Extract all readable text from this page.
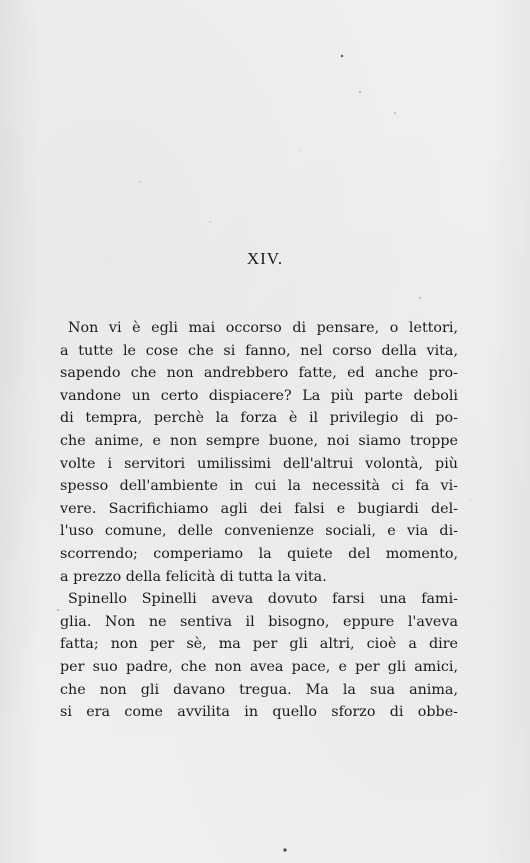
XIV.
Non vi è egli mai occorso di pensare, o lettori,
a tutte le cose che si fanno, nel corso della vita,
sapendo che non andrebbero fatte, ed anche pro-
vandone un certo dispiacere? La più parte deboli
di tempra, perchè la forza è il privilegio di po-
che anime, e non sempre buone, noi siamo troppe
volte i servitori umilissimi dell'altrui volontà, più
spesso dell'ambiente in cui la necessità ci fa vi-
vere. Sacrifichiamo agli dei falsi e bugiardi del-
l'uso comune, delle convenienze sociali, e via di-
scorrendo; comperiamo la quiete del momento,
a prezzo della felicità di tutta la vita.
Spinello Spinelli aveva dovuto farsi una fami-
glia. Non ne sentiva il bisogno, eppure l'aveva
fatta; non per sè, ma per gli altri, cioè a dire
per suo padre, che non avea pace, e per gli amici,
che non gli davano tregua. Ma la sua anima,
si era come avvilita in quello sforzo di obbe-
